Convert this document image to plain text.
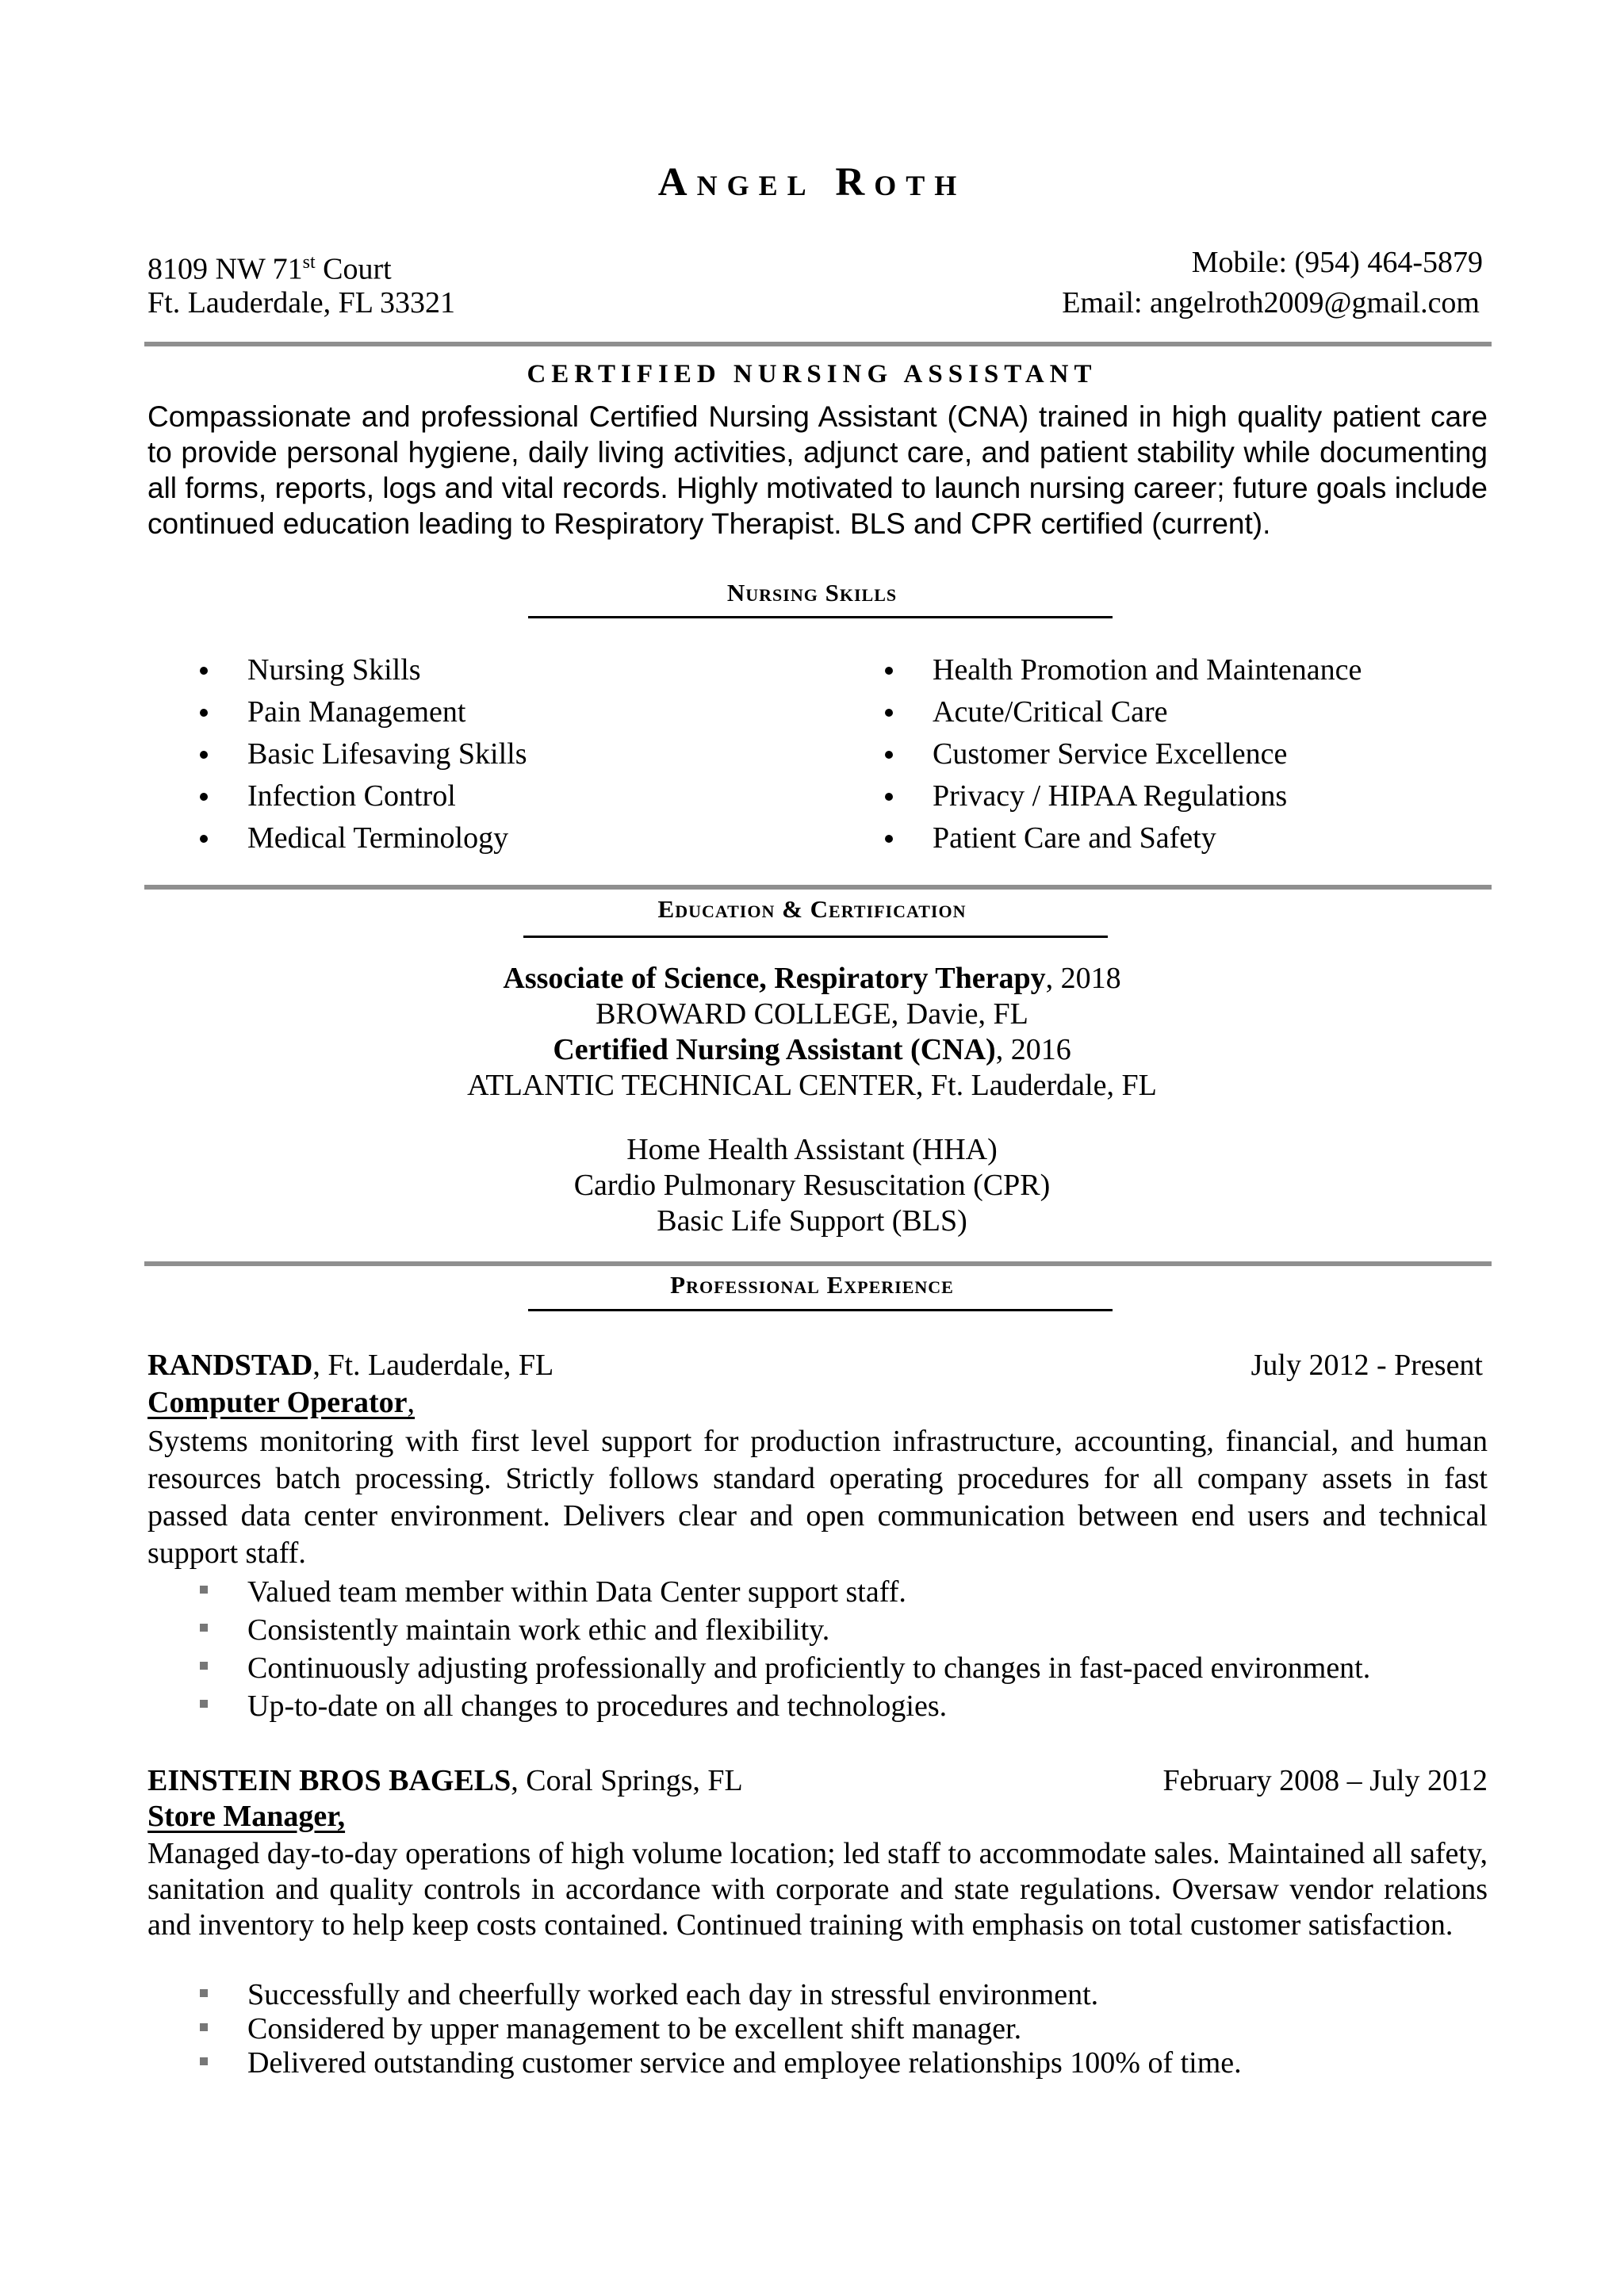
Angel Roth
8109 NW 71st Court
Ft. Lauderdale, FL 33321
Mobile: (954) 464-5879
Email: angelroth2009@gmail.com
CERTIFIED NURSING ASSISTANT
Compassionate and professional Certified Nursing Assistant (CNA) trained in high quality patient care to provide personal hygiene, daily living activities, adjunct care, and patient stability while documenting all forms, reports, logs and vital records. Highly motivated to launch nursing career; future goals include continued education leading to Respiratory Therapist. BLS and CPR certified (current).
Nursing Skills
Nursing Skills
Pain Management
Basic Lifesaving Skills
Infection Control
Medical Terminology
Health Promotion and Maintenance
Acute/Critical Care
Customer Service Excellence
Privacy / HIPAA Regulations
Patient Care and Safety
Education & Certification
Associate of Science, Respiratory Therapy, 2018
BROWARD COLLEGE, Davie, FL
Certified Nursing Assistant (CNA), 2016
ATLANTIC TECHNICAL CENTER, Ft. Lauderdale, FL
Home Health Assistant (HHA)
Cardio Pulmonary Resuscitation (CPR)
Basic Life Support (BLS)
Professional Experience
RANDSTAD, Ft. Lauderdale, FL	July 2012 - Present
Computer Operator,
Systems monitoring with first level support for production infrastructure, accounting, financial, and human resources batch processing. Strictly follows standard operating procedures for all company assets in fast passed data center environment. Delivers clear and open communication between end users and technical support staff.
Valued team member within Data Center support staff.
Consistently maintain work ethic and flexibility.
Continuously adjusting professionally and proficiently to changes in fast-paced environment.
Up-to-date on all changes to procedures and technologies.
EINSTEIN BROS BAGELS, Coral Springs, FL	February 2008 – July 2012
Store Manager,
Managed day-to-day operations of high volume location; led staff to accommodate sales. Maintained all safety, sanitation and quality controls in accordance with corporate and state regulations. Oversaw vendor relations and inventory to help keep costs contained. Continued training with emphasis on total customer satisfaction.
Successfully and cheerfully worked each day in stressful environment.
Considered by upper management to be excellent shift manager.
Delivered outstanding customer service and employee relationships 100% of time.
